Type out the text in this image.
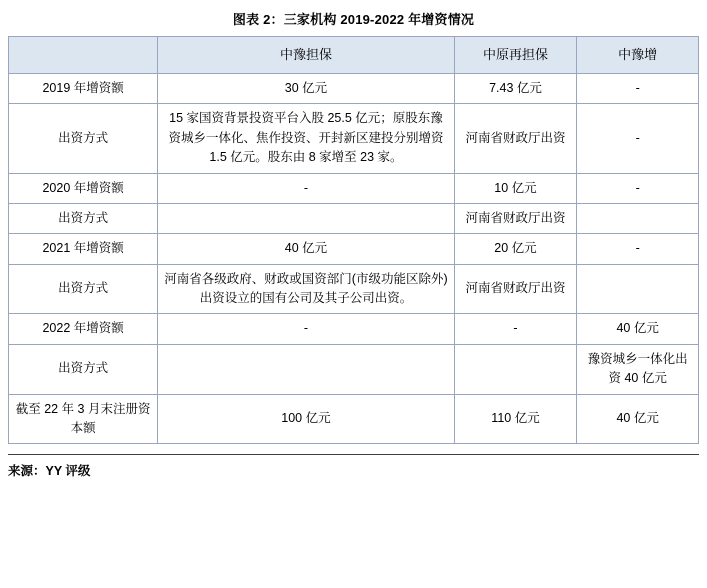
图表 2：三家机构 2019-2022 年增资情况
	中豫担保	中原再担保	中豫增
2019 年增资额	30 亿元	7.43 亿元	-
出资方式	15 家国资背景投资平台入股 25.5 亿元；原股东豫资城乡一体化、焦作投资、开封新区建投分别增资 1.5 亿元。股东由 8 家增至 23 家。	河南省财政厅出资	-
2020 年增资额	-	10 亿元	-
出资方式		河南省财政厅出资	
2021 年增资额	40 亿元	20 亿元	-
出资方式	河南省各级政府、财政或国资部门(市级功能区除外)出资设立的国有公司及其子公司出资。	河南省财政厅出资	
2022 年增资额	-	-	40 亿元
出资方式			豫资城乡一体化出资 40 亿元
截至 22 年 3 月末注册资本额	100 亿元	110 亿元	40 亿元
来源：YY 评级
